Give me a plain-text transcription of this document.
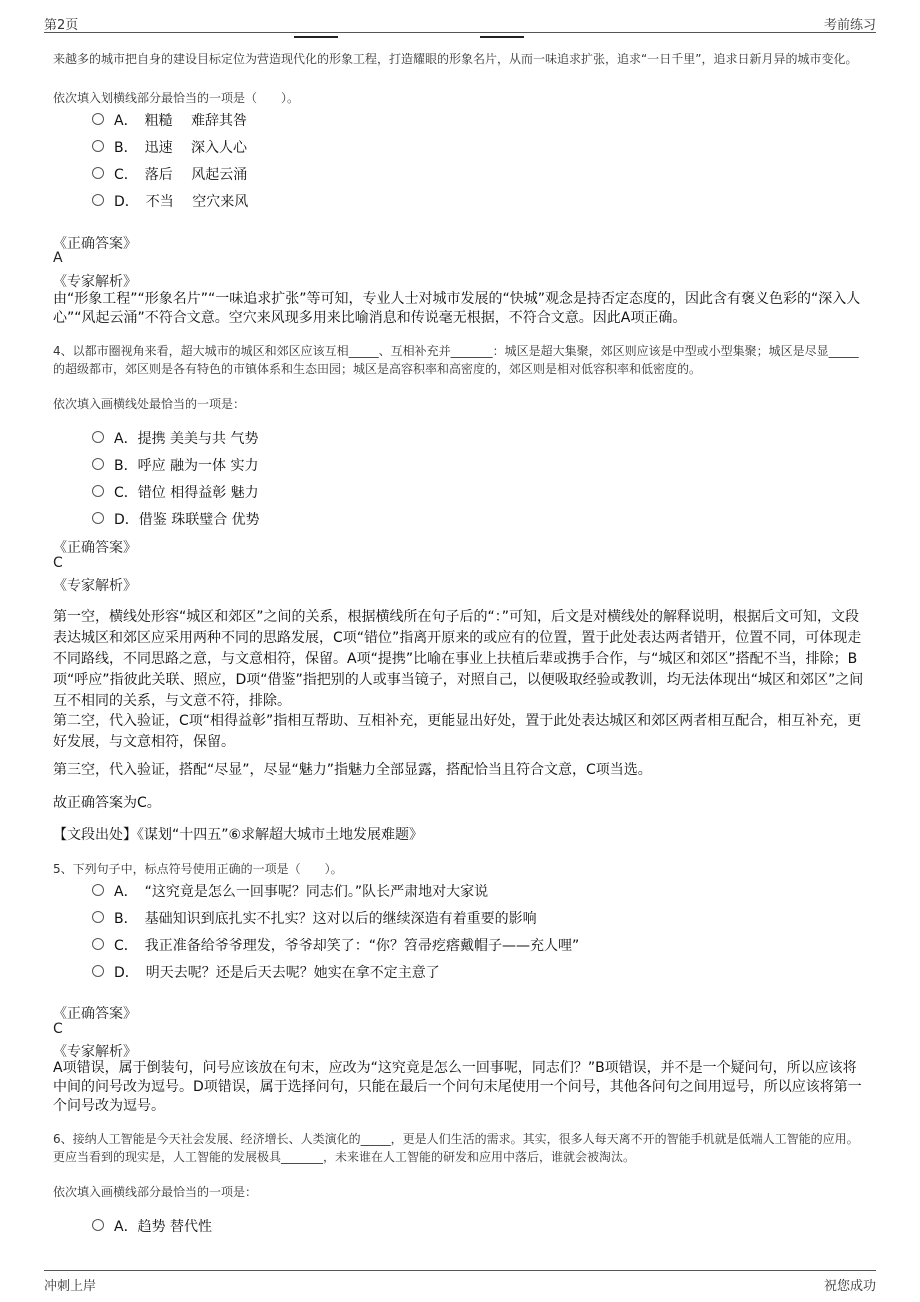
第2页	考前练习
来越多的城市把自身的建设目标定位为营造现代化的形象工程，打造耀眼的形象名片，从而一味追求扩张，追求“一日千里”，追求日新月异的城市变化。
依次填入划横线部分最恰当的一项是（　　）。
A．　粗糙　 难辞其咎
B．　迅速　 深入人心
C．　落后　 风起云涌
D．　不当　 空穴来风
《正确答案》
A
《专家解析》
由“形象工程”“形象名片”“一味追求扩张”等可知，专业人士对城市发展的“快城”观念是持否定态度的，因此含有褒义色彩的“深入人心”“风起云涌”不符合文意。空穴来风现多用来比喻消息和传说毫无根据，不符合文意。因此A项正确。
4、以都市圈视角来看，超大城市的城区和郊区应该互相_____、互相补充并_______：城区是超大集聚，郊区则应该是中型或小型集聚；城区是尽显_____的超级都市，郊区则是各有特色的市镇体系和生态田园；城区是高容积率和高密度的，郊区则是相对低容积率和低密度的。
依次填入画横线处最恰当的一项是：
A．提携 美美与共 气势
B．呼应 融为一体 实力
C．错位 相得益彰 魅力
D．借鉴 珠联璧合 优势
《正确答案》
C
《专家解析》
第一空，横线处形容“城区和郊区”之间的关系，根据横线所在句子后的“：”可知，后文是对横线处的解释说明，根据后文可知，文段表达城区和郊区应采用两种不同的思路发展，C项“错位”指离开原来的或应有的位置，置于此处表达两者错开，位置不同，可体现走不同路线，不同思路之意，与文意相符，保留。A项“提携”比喻在事业上扶植后辈或携手合作，与“城区和郊区”搭配不当，排除；B项“呼应”指彼此关联、照应，D项“借鉴”指把别的人或事当镜子，对照自己，以便吸取经验或教训，均无法体现出“城区和郊区”之间互不相同的关系，与文意不符，排除。
第二空，代入验证，C项“相得益彰”指相互帮助、互相补充，更能显出好处，置于此处表达城区和郊区两者相互配合，相互补充，更好发展，与文意相符，保留。
第三空，代入验证，搭配“尽显”，尽显“魅力”指魅力全部显露，搭配恰当且符合文意，C项当选。
故正确答案为C。
【文段出处】《谋划“十四五”⑥求解超大城市土地发展难题》
5、下列句子中，标点符号使用正确的一项是（　　）。
A．　“这究竟是怎么一回事呢？同志们。”队长严肃地对大家说
B．　基础知识到底扎实不扎实？这对以后的继续深造有着重要的影响
C．　我正准备给爷爷理发，爷爷却笑了：“你？笤帚疙瘩戴帽子——充人哩”
D．　明天去呢？还是后天去呢？她实在拿不定主意了
《正确答案》
C
《专家解析》
A项错误，属于倒装句，问号应该放在句末，应改为“这究竟是怎么一回事呢，同志们？”B项错误，并不是一个疑问句，所以应该将中间的问号改为逗号。D项错误，属于选择问句，只能在最后一个问句末尾使用一个问号，其他各问句之间用逗号，所以应该将第一个问号改为逗号。
6、接纳人工智能是今天社会发展、经济增长、人类演化的_____，更是人们生活的需求。其实，很多人每天离不开的智能手机就是低端人工智能的应用。更应当看到的现实是，人工智能的发展极具_______，未来谁在人工智能的研发和应用中落后，谁就会被淘汰。
依次填入画横线部分最恰当的一项是：
A．趋势 替代性
冲刺上岸	祝您成功
